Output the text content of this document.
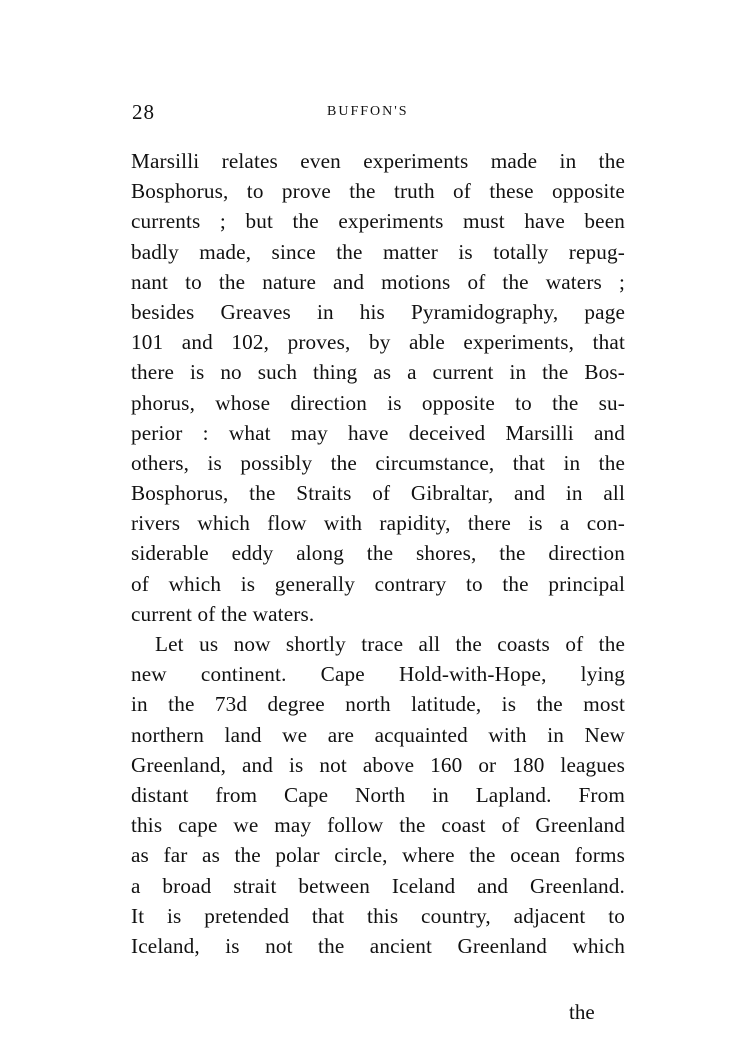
28	BUFFON'S
Marsilli relates even experiments made in the
Bosphorus, to prove the truth of these opposite
currents ; but the experiments must have been
badly made, since the matter is totally repug-
nant to the nature and motions of the waters ;
besides Greaves in his Pyramidography, page
101 and 102, proves, by able experiments, that
there is no such thing as a current in the Bos-
phorus, whose direction is opposite to the su-
perior : what may have deceived Marsilli and
others, is possibly the circumstance, that in the
Bosphorus, the Straits of Gibraltar, and in all
rivers which flow with rapidity, there is a con-
siderable eddy along the shores, the direction
of which is generally contrary to the principal
current of the waters.
Let us now shortly trace all the coasts of the
new continent. Cape Hold-with-Hope, lying
in the 73d degree north latitude, is the most
northern land we are acquainted with in New
Greenland, and is not above 160 or 180 leagues
distant from Cape North in Lapland. From
this cape we may follow the coast of Greenland
as far as the polar circle, where the ocean forms
a broad strait between Iceland and Greenland.
It is pretended that this country, adjacent to
Iceland, is not the ancient Greenland which
the
